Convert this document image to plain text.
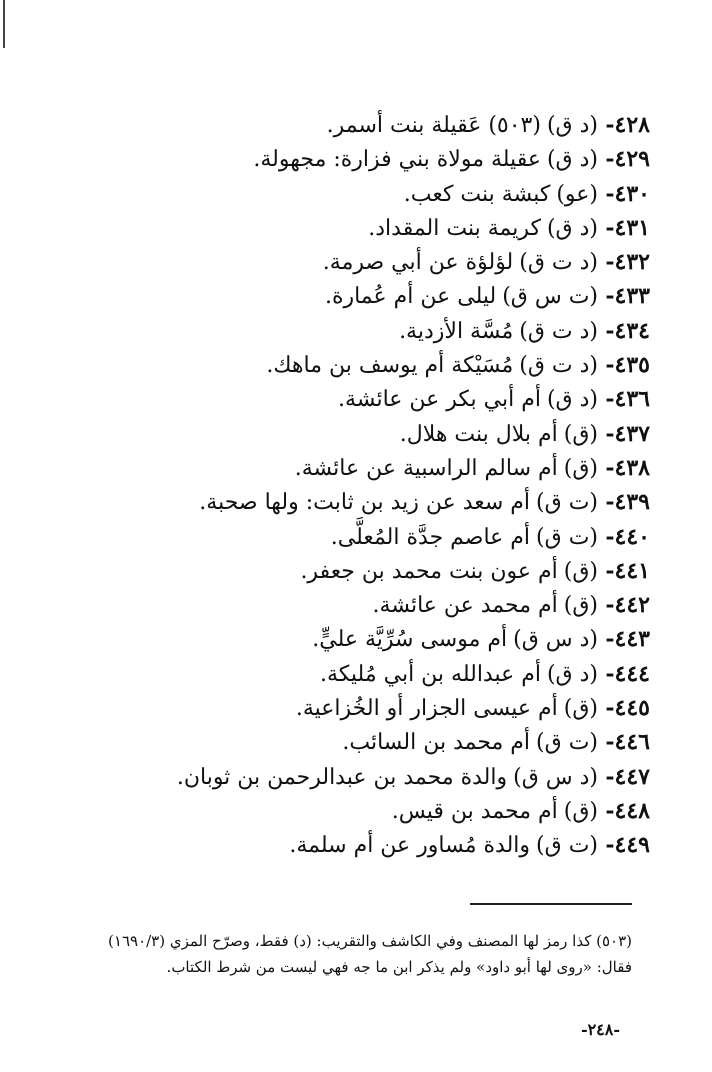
٤٢٨-(د ق)(٥٠٣) عَقيلة بنت أسمر.
٤٢٩-(د ق)عقيلة مولاة بني فزارة: مجهولة.
٤٣٠-(عو)كبشة بنت كعب.
٤٣١-(د ق)كريمة بنت المقداد.
٤٣٢-(د ت ق)لؤلؤة عن أبي صرمة.
٤٣٣-(ت س ق)ليلى عن أم عُمارة.
٤٣٤-(د ت ق)مُسَّة الأزدية.
٤٣٥-(د ت ق)مُسَيْكة أم يوسف بن ماهك.
٤٣٦-(د ق)أم أبي بكر عن عائشة.
٤٣٧-(ق)أم بلال بنت هلال.
٤٣٨-(ق)أم سالم الراسبية عن عائشة.
٤٣٩-(ت ق)أم سعد عن زيد بن ثابت: ولها صحبة.
٤٤٠-(ت ق)أم عاصم جدَّة المُعلَّى.
٤٤١-(ق)أم عون بنت محمد بن جعفر.
٤٤٢-(ق)أم محمد عن عائشة.
٤٤٣-(د س ق)أم موسى سُرِّيَّة عليٍّ.
٤٤٤-(د ق)أم عبدالله بن أبي مُليكة.
٤٤٥-(ق)أم عيسى الجزار أو الخُزاعية.
٤٤٦-(ت ق)أم محمد بن السائب.
٤٤٧-(د س ق)والدة محمد بن عبدالرحمن بن ثوبان.
٤٤٨-(ق)أم محمد بن قيس.
٤٤٩-(ت ق)والدة مُساور عن أم سلمة.

(٥٠٣) كذا رمز لها المصنف وفي الكاشف والتقريب: (د) فقط، وصرّح المزي (١٦٩٠/٣)

فقال: «روى لها أبو داود» ولم يذكر ابن ما جه فهي ليست من شرط الكتاب.

-٢٤٨-
